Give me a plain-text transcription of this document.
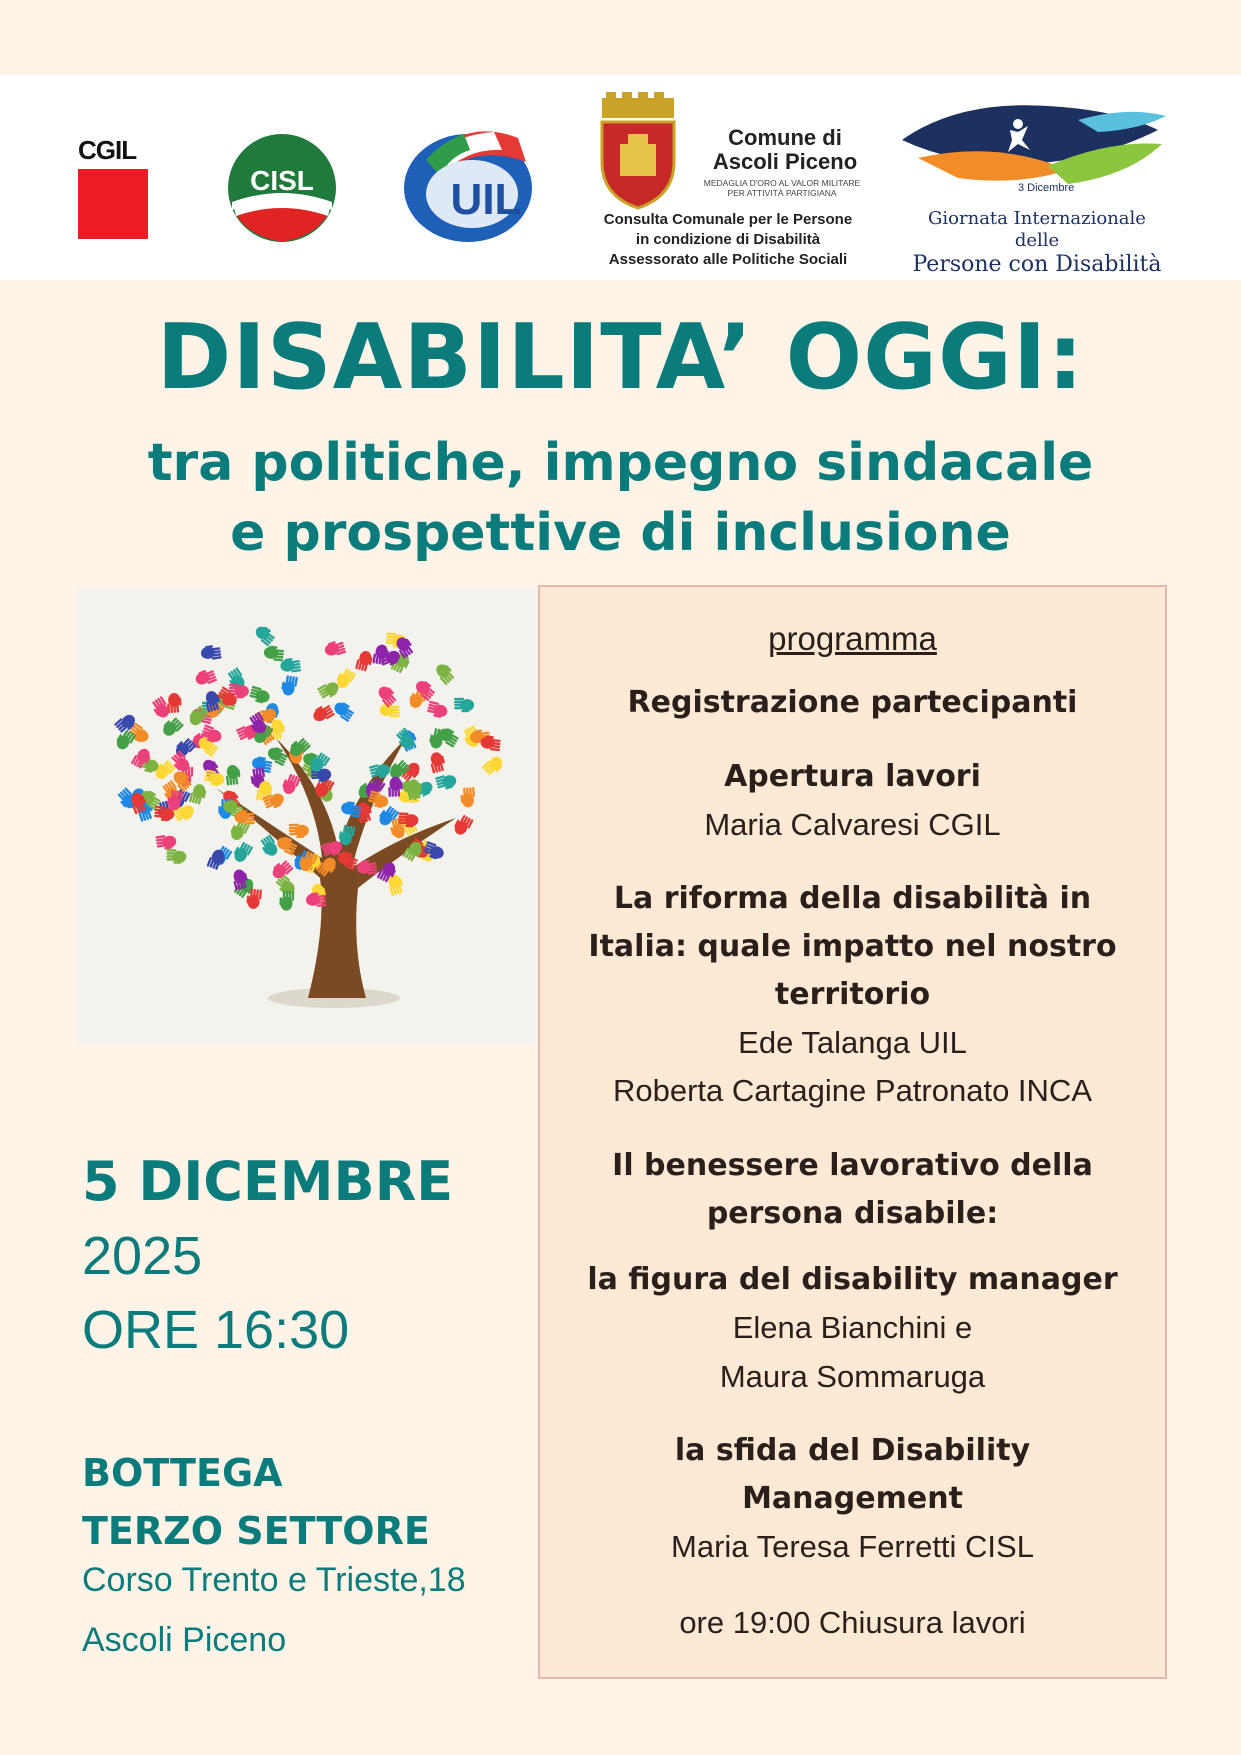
CGIL
CISL	UIL
Comune di
Ascoli Piceno
MEDAGLIA D'ORO AL VALOR MILITARE
PER ATTIVITÀ PARTIGIANA
Consulta Comunale per le Persone
in condizione di Disabilità
Assessorato alle Politiche Sociali
3 Dicembre
Giornata Internazionale delle
Persone con Disabilità
DISABILITA’ OGGI:
tra politiche, impegno sindacale
e prospettive di inclusione
5 DICEMBRE
2025
ORE 16:30
BOTTEGA
TERZO SETTORE
Corso Trento e Trieste,18
Ascoli Piceno
programma
Registrazione partecipanti
Apertura lavori
Maria Calvaresi CGIL
La riforma della disabilità in
Italia: quale impatto nel nostro
territorio
Ede Talanga UIL
Roberta Cartagine Patronato INCA
Il benessere lavorativo della
persona disabile:
la figura del disability manager
Elena Bianchini e
Maura Sommaruga
la sfida del Disability
Management
Maria Teresa Ferretti CISL
ore 19:00 Chiusura lavori
